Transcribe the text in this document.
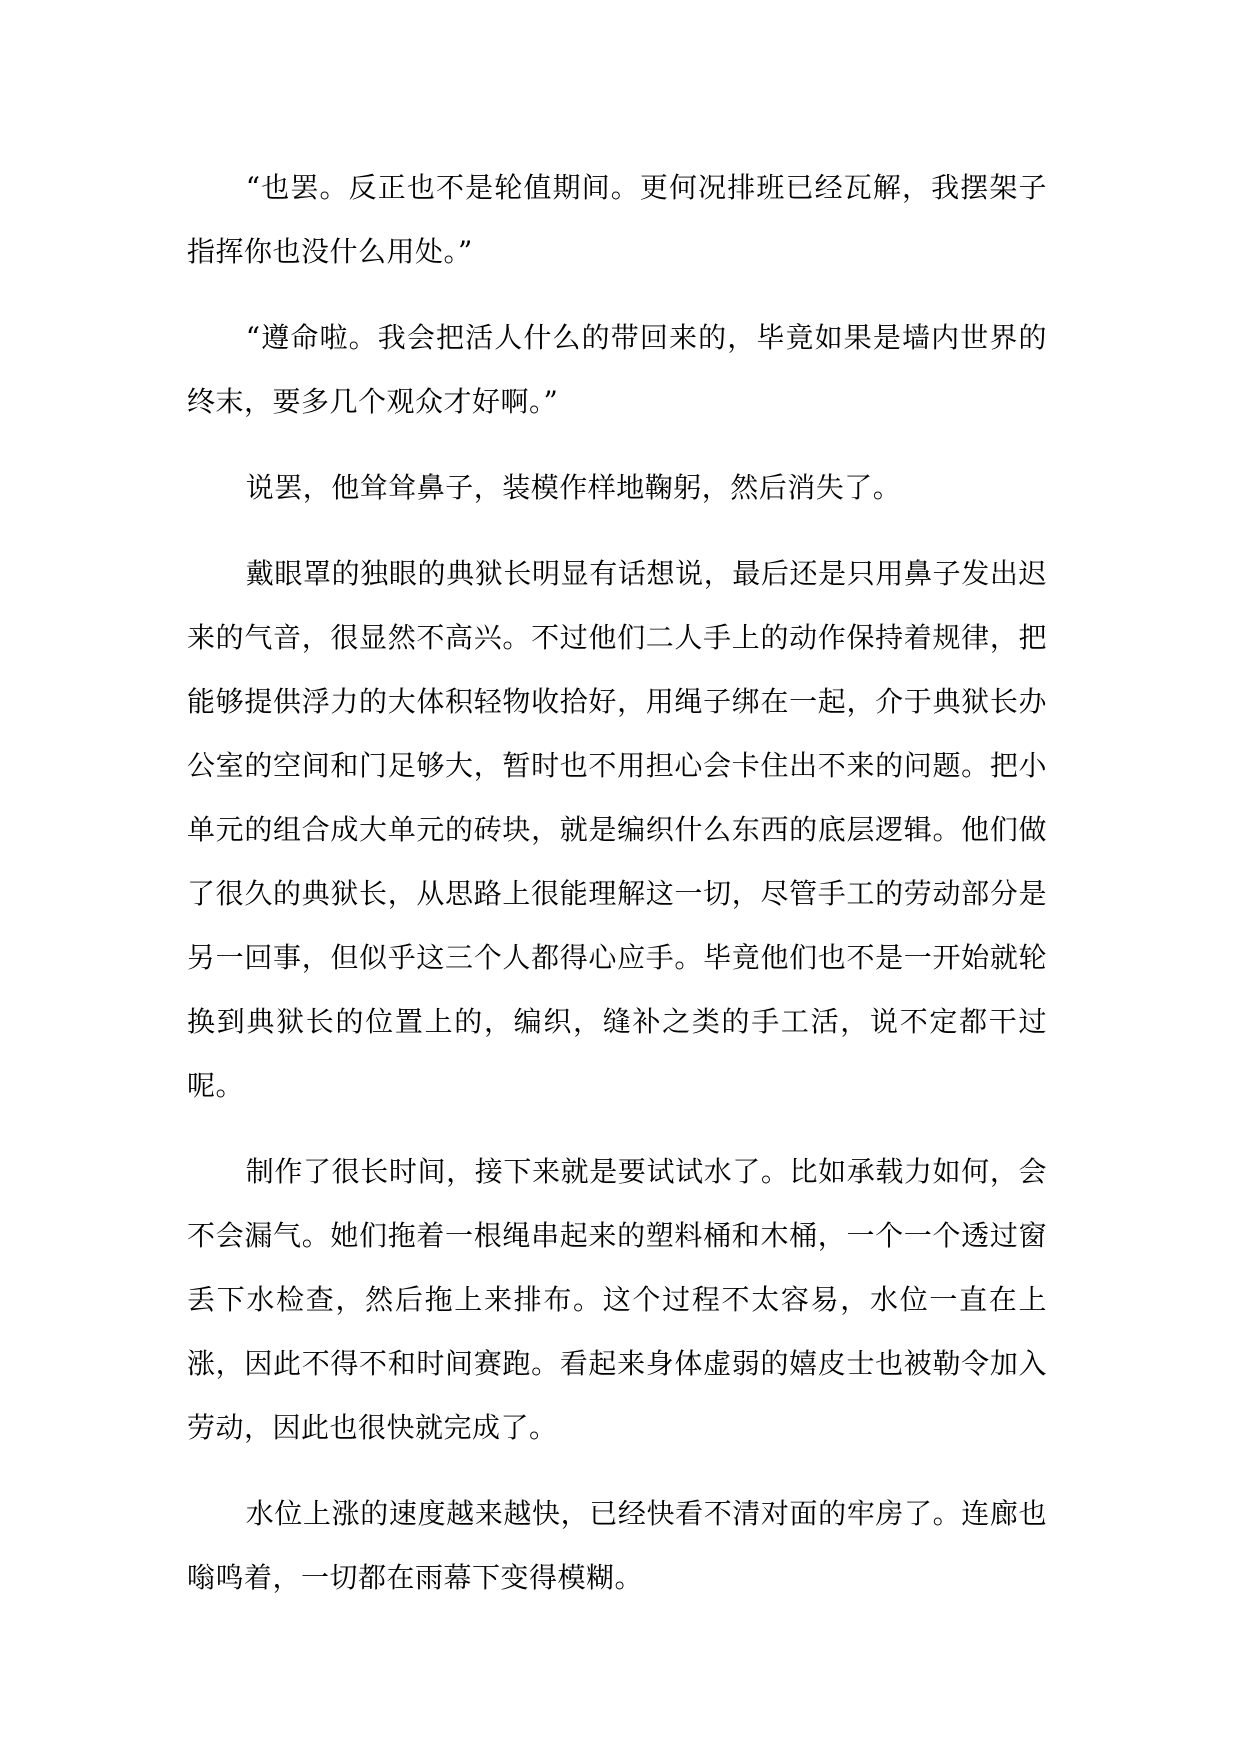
“也罢。反正也不是轮值期间。更何况排班已经瓦解，我摆架子指挥你也没什么用处。”

“遵命啦。我会把活人什么的带回来的，毕竟如果是墙内世界的终末，要多几个观众才好啊。”

说罢，他耸耸鼻子，装模作样地鞠躬，然后消失了。

戴眼罩的独眼的典狱长明显有话想说，最后还是只用鼻子发出迟来的气音，很显然不高兴。不过他们二人手上的动作保持着规律，把能够提供浮力的大体积轻物收拾好，用绳子绑在一起，介于典狱长办公室的空间和门足够大，暂时也不用担心会卡住出不来的问题。把小单元的组合成大单元的砖块，就是编织什么东西的底层逻辑。他们做了很久的典狱长，从思路上很能理解这一切，尽管手工的劳动部分是另一回事，但似乎这三个人都得心应手。毕竟他们也不是一开始就轮换到典狱长的位置上的，编织，缝补之类的手工活，说不定都干过呢。

制作了很长时间，接下来就是要试试水了。比如承载力如何，会不会漏气。她们拖着一根绳串起来的塑料桶和木桶，一个一个透过窗丢下水检查，然后拖上来排布。这个过程不太容易，水位一直在上涨，因此不得不和时间赛跑。看起来身体虚弱的嬉皮士也被勒令加入劳动，因此也很快就完成了。

水位上涨的速度越来越快，已经快看不清对面的牢房了。连廊也嗡鸣着，一切都在雨幕下变得模糊。
